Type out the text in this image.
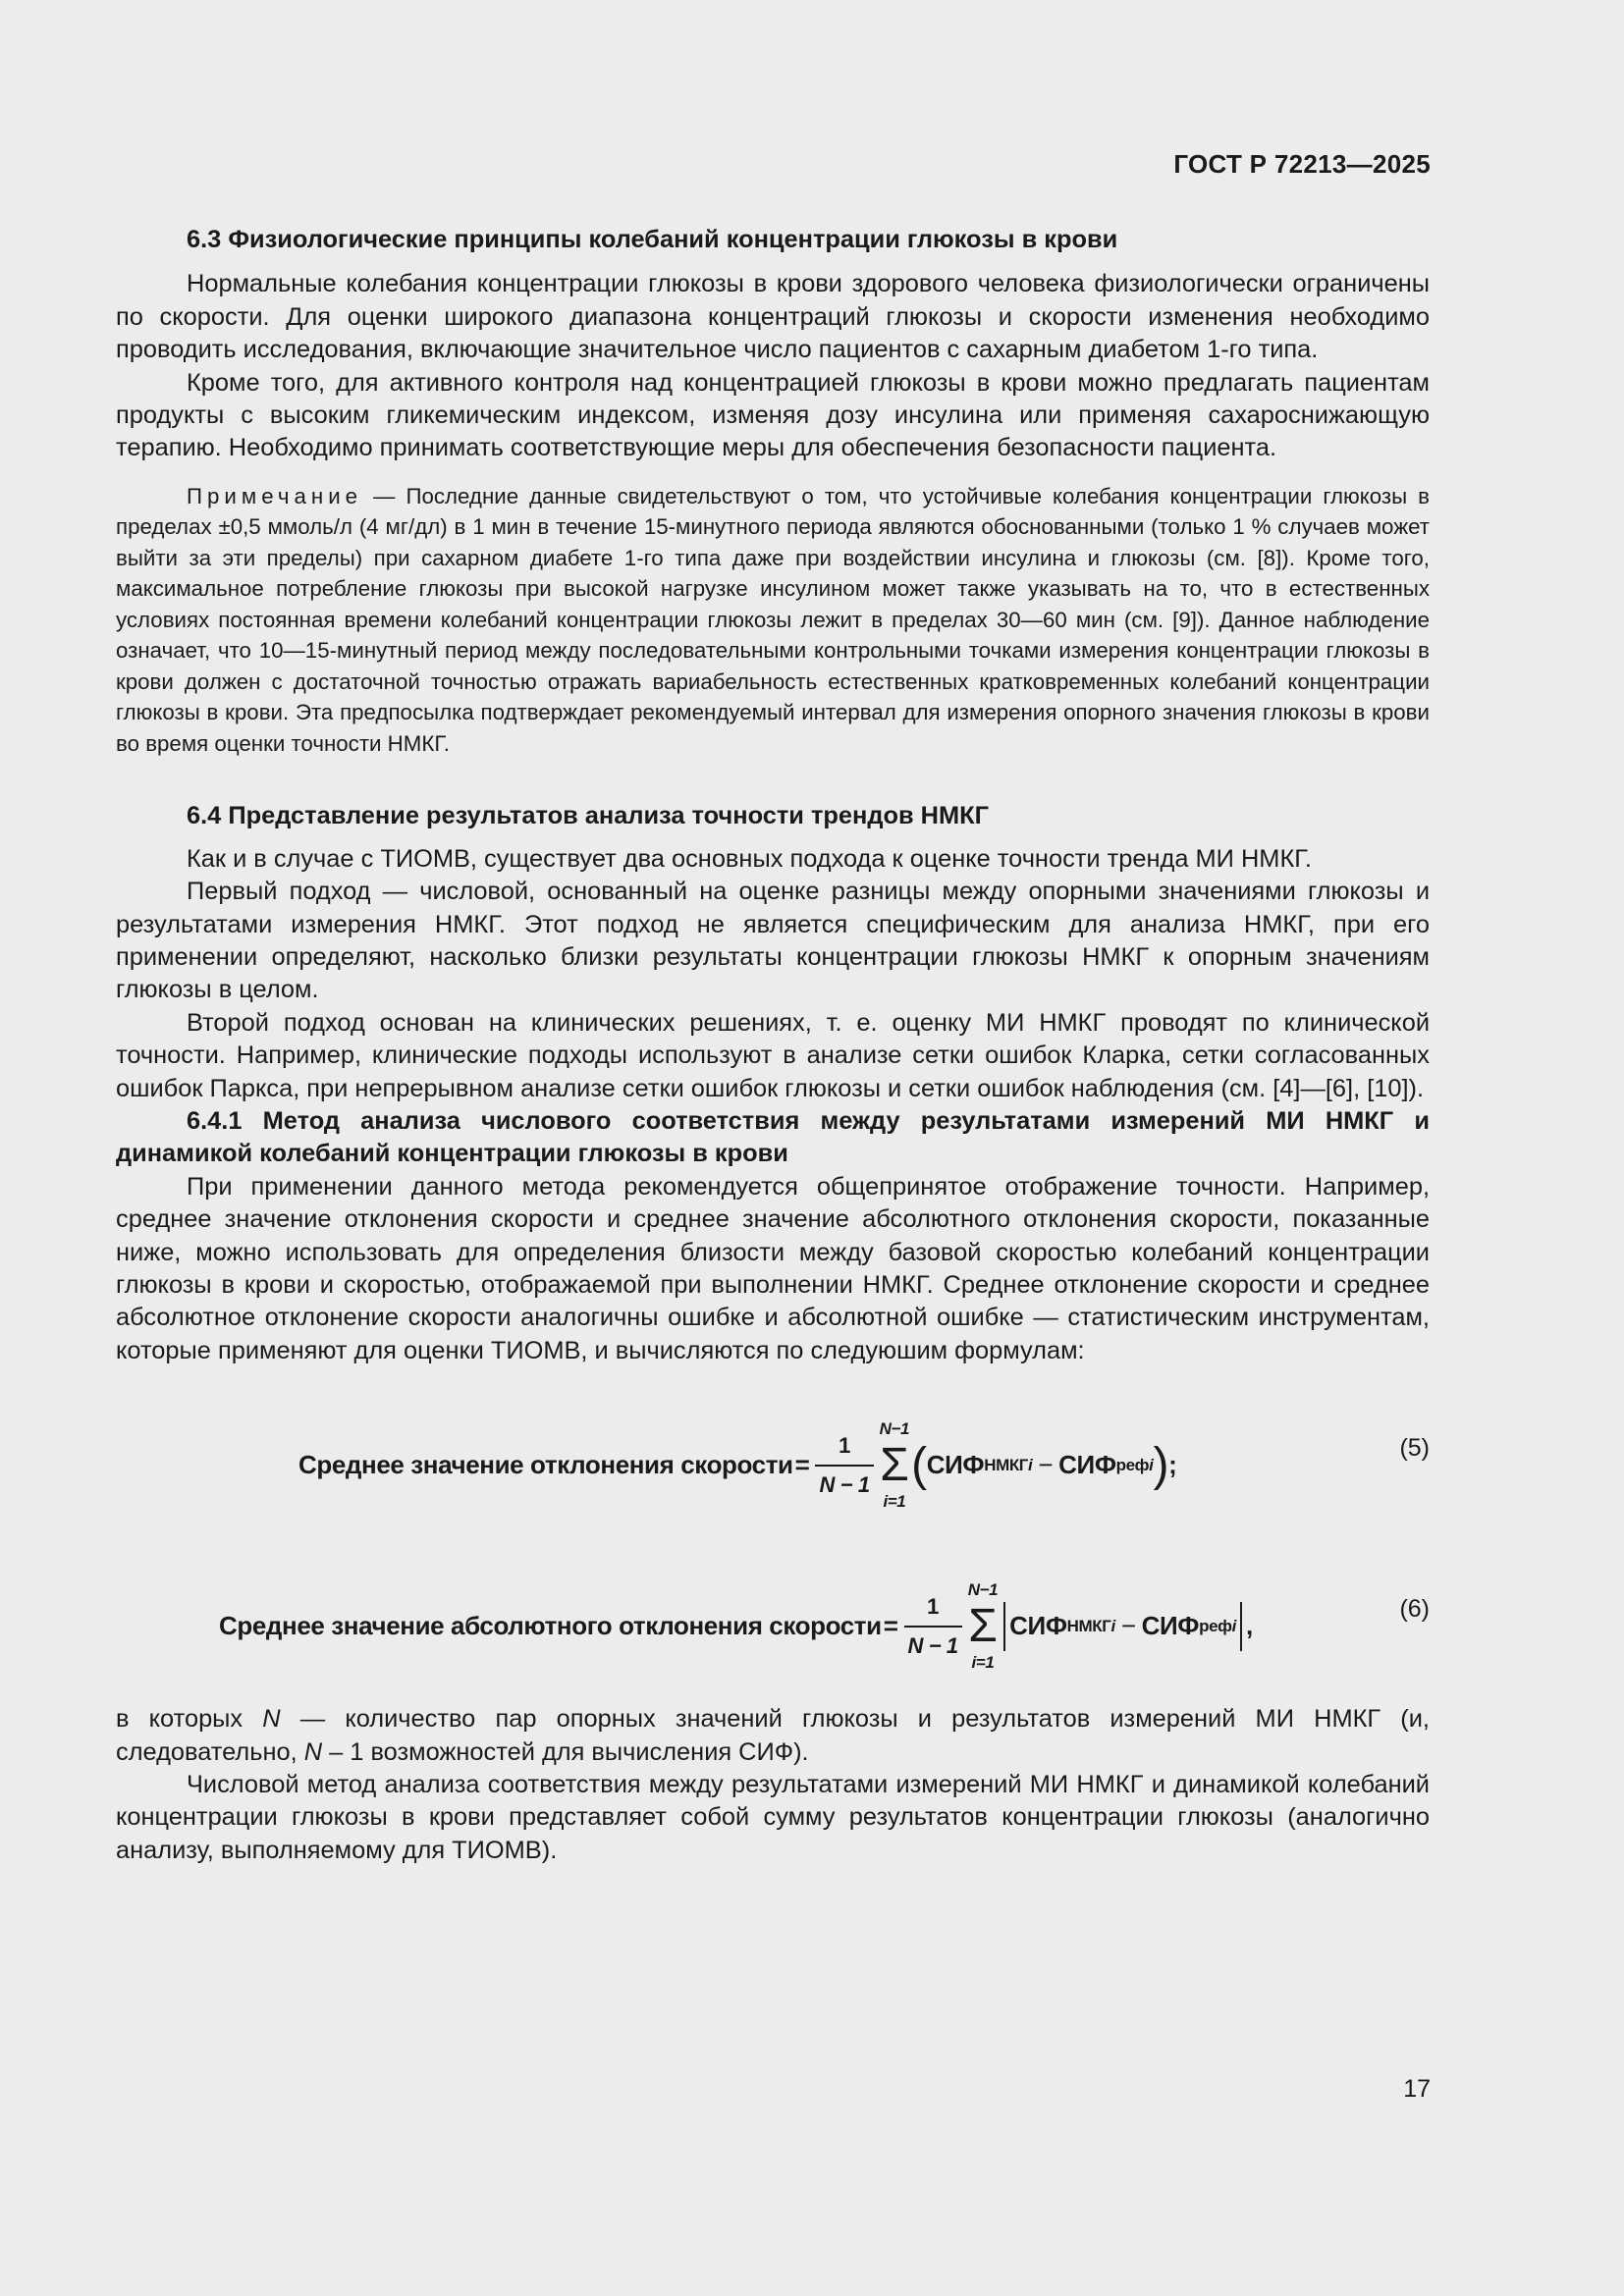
ГОСТ Р 72213—2025

6.3 Физиологические принципы колебаний концентрации глюкозы в крови

Нормальные колебания концентрации глюкозы в крови здорового человека физиологически ограничены по скорости. Для оценки широкого диапазона концентраций глюкозы и скорости изменения необходимо проводить исследования, включающие значительное число пациентов с сахарным диабетом 1-го типа.

Кроме того, для активного контроля над концентрацией глюкозы в крови можно предлагать пациентам продукты с высоким гликемическим индексом, изменяя дозу инсулина или применяя сахароснижающую терапию. Необходимо принимать соответствующие меры для обеспечения безопасности пациента.

Примечание — Последние данные свидетельствуют о том, что устойчивые колебания концентрации глюкозы в пределах ±0,5 ммоль/л (4 мг/дл) в 1 мин в течение 15-минутного периода являются обоснованными (только 1 % случаев может выйти за эти пределы) при сахарном диабете 1-го типа даже при воздействии инсулина и глюкозы (см. [8]). Кроме того, максимальное потребление глюкозы при высокой нагрузке инсулином может также указывать на то, что в естественных условиях постоянная времени колебаний концентрации глюкозы лежит в пределах 30—60 мин (см. [9]). Данное наблюдение означает, что 10—15-минутный период между последовательными контрольными точками измерения концентрации глюкозы в крови должен с достаточной точностью отражать вариабельность естественных кратковременных колебаний концентрации глюкозы в крови. Эта предпосылка подтверждает рекомендуемый интервал для измерения опорного значения глюкозы в крови во время оценки точности НМКГ.

6.4 Представление результатов анализа точности трендов НМКГ

Как и в случае с ТИОМВ, существует два основных подхода к оценке точности тренда МИ НМКГ.

Первый подход — числовой, основанный на оценке разницы между опорными значениями глюкозы и результатами измерения НМКГ. Этот подход не является специфическим для анализа НМКГ, при его применении определяют, насколько близки результаты концентрации глюкозы НМКГ к опорным значениям глюкозы в целом.

Второй подход основан на клинических решениях, т. е. оценку МИ НМКГ проводят по клинической точности. Например, клинические подходы используют в анализе сетки ошибок Кларка, сетки согласованных ошибок Паркса, при непрерывном анализе сетки ошибок глюкозы и сетки ошибок наблюдения (см. [4]—[6], [10]).

6.4.1 Метод анализа числового соответствия между результатами измерений МИ НМКГ и динамикой колебаний концентрации глюкозы в крови

При применении данного метода рекомендуется общепринятое отображение точности. Например, среднее значение отклонения скорости и среднее значение абсолютного отклонения скорости, показанные ниже, можно использовать для определения близости между базовой скоростью колебаний концентрации глюкозы в крови и скоростью, отображаемой при выполнении НМКГ. Среднее отклонение скорости и среднее абсолютное отклонение скорости аналогичны ошибке и абсолютной ошибке — статистическим инструментам, которые применяют для оценки ТИОМВ, и вычисляются по следуюшим формулам:

Среднее значение отклонения скорости = $\frac{1}{N - 1}$
N−1
Σ
i=1
( СИФ НМКГi − СИФ рефi ) ;
(5)
Среднее значение абсолютного отклонения скорости = $\frac{1}{N - 1}$
N−1
Σ
i=1
СИФ НМКГi − СИФ рефi ,
(6)

в которых N — количество пар опорных значений глюкозы и результатов измерений МИ НМКГ (и, следовательно, N – 1 возможностей для вычисления СИФ).

Числовой метод анализа соответствия между результатами измерений МИ НМКГ и динамикой колебаний концентрации глюкозы в крови представляет собой сумму результатов концентрации глюкозы (аналогично анализу, выполняемому для ТИОМВ).

17
